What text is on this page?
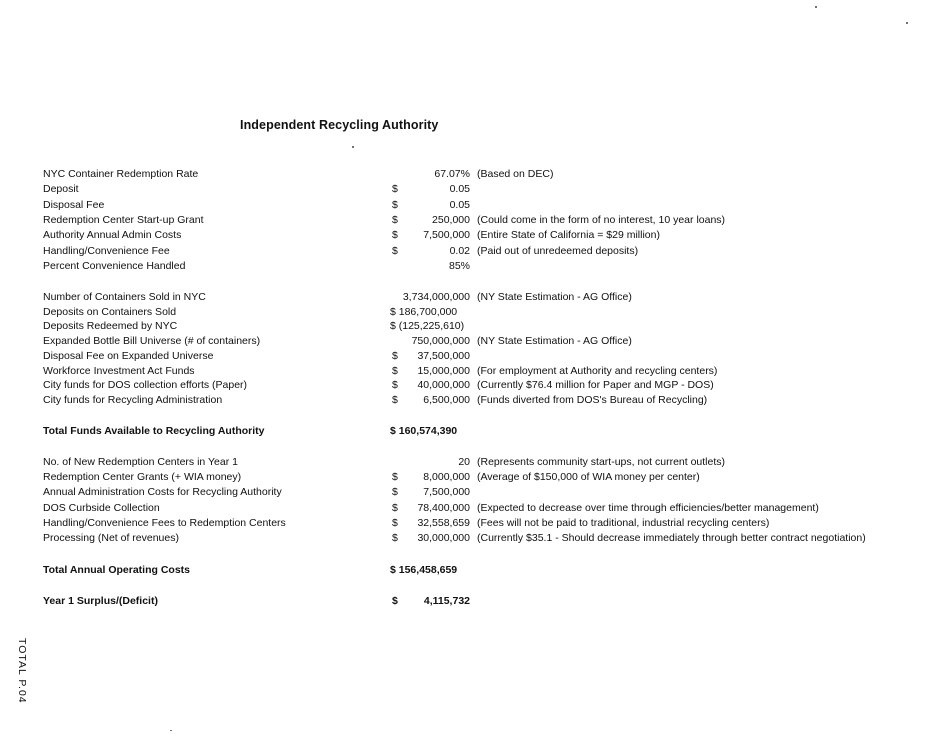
Independent Recycling Authority
NYC Container Redemption Rate	67.07% (Based on DEC)
Deposit	$	0.05
Disposal Fee	$	0.05
Redemption Center Start-up Grant	$	250,000 (Could come in the form of no interest, 10 year loans)
Authority Annual Admin Costs	$ 7,500,000 (Entire State of California = $29 million)
Handling/Convenience Fee	$	0.02 (Paid out of unredeemed deposits)
Percent Convenience Handled	85%
Number of Containers Sold in NYC	3,734,000,000 (NY State Estimation - AG Office)
Deposits on Containers Sold	$ 186,700,000
Deposits Redeemed by NYC	$ (125,225,610)
Expanded Bottle Bill Universe (# of containers)	750,000,000 (NY State Estimation - AG Office)
Disposal Fee on Expanded Universe	$ 37,500,000
Workforce Investment Act Funds	$ 15,000,000 (For employment at Authority and recycling centers)
City funds for DOS collection efforts (Paper)	$ 40,000,000 (Currently $76.4 million for Paper and MGP - DOS)
City funds for Recycling Administration	$ 6,500,000 (Funds diverted from DOS's Bureau of Recycling)
Total Funds Available to Recycling Authority	$ 160,574,390
No. of New Redemption Centers in Year 1	20 (Represents community start-ups, not current outlets)
Redemption Center Grants (+ WIA money)	$ 8,000,000 (Average of $150,000 of WIA money per center)
Annual Administration Costs for Recycling Authority	$ 7,500,000
DOS Curbside Collection	$ 78,400,000 (Expected to decrease over time through efficiencies/better management)
Handling/Convenience Fees to Redemption Centers	$ 32,558,659 (Fees will not be paid to traditional, industrial recycling centers)
Processing (Net of revenues)	$ 30,000,000 (Currently $35.1 - Should decrease immediately through better contract negotiation)
Total Annual Operating Costs	$ 156,458,659
Year 1 Surplus/(Deficit)	$ 4,115,732
TOTAL P.04
